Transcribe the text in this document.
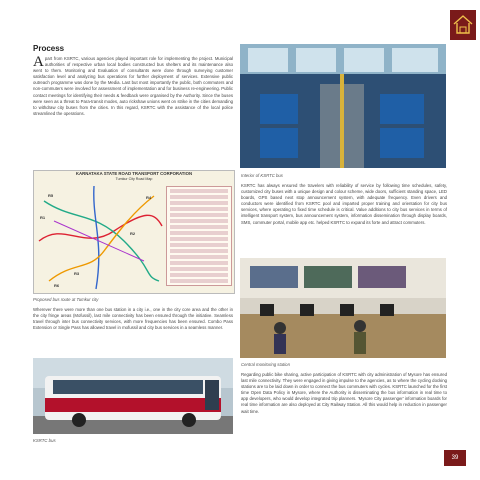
Process

Apart from KSRTC, various agencies played important role for implementing the project. Municipal authorities of respective urban local bodies constructed bus shelters and its maintenance also went to them. Monitoring and Evaluation of consultants were done through surveying customer satisfaction level and analyzing bus operations for further deployment of services. Extensive public outreach programme was done by the Media. Last but most importantly the public, both commuters and non-commuters were involved for assessment of implementation and for business re-engineering. Public contact meetings for identifying their needs & feedback were organised by the Authority. Since the buses were seen as a threat to Para-transit modes, auto rickshaw unions went on strike in the cities demanding to withdraw city buses from the cities. In this regard, KSRTC with the assistance of the local police streamlined the operations.

Interior of KSRTC bus

KARNATAKA STATE ROAD TRANSPORT CORPORATION
Tumkur City Road Map
R1
R2
R3
R4
R5
R6

Proposed bus route at Tumkur city

KSRTC has always ensured the travelers with reliability of service by following time schedules, safety, customized city buses with a unique design and colour scheme, wide doors, sufficient standing space, LED boards, GPS based next stop announcement system, with adequate frequency. Even drivers and conductors were identified from KSRTC pool and imparted proper training and orientation for city bus services, where operating to fixed time schedule is critical. Value additions to city bus services in terms of intelligent transport system, bus announcement system, information dissemination through display boards, SMS, commuter portal, mobile app etc. helped KSRTC to expand its forte and attract commuters.

Wherever there were more than one bus station in a city i.e., one in the city core area and the other in the city fringe areas (Mofussil), last mile connectivity has been ensured through the initiative. Seamless travel through inter bus connectivity services, with more frequencies has been ensured. Combo Pass Extension or Single Pass has allowed travel in mofussil and city bus services in a seamless manner.

Central monitoring station

KSRTC bus

Regarding public bike sharing, active participation of KSRTC with city administration of Mysore has ensured last mile connectivity. They were engaged in giving impulse to the agencies, as to where the cycling docking stations are to be laid down in order to connect the bus commuters with cycles. KSRTC launched for the first time Open Data Policy in Mysore, where the Authority is disseminating the bus information in real time to app developers, who would develop integrated trip planners. 'Mysore City passenger' information boards for real time information are also deployed at City Railway Station. All this would help in reduction in passenger wait time.

39
